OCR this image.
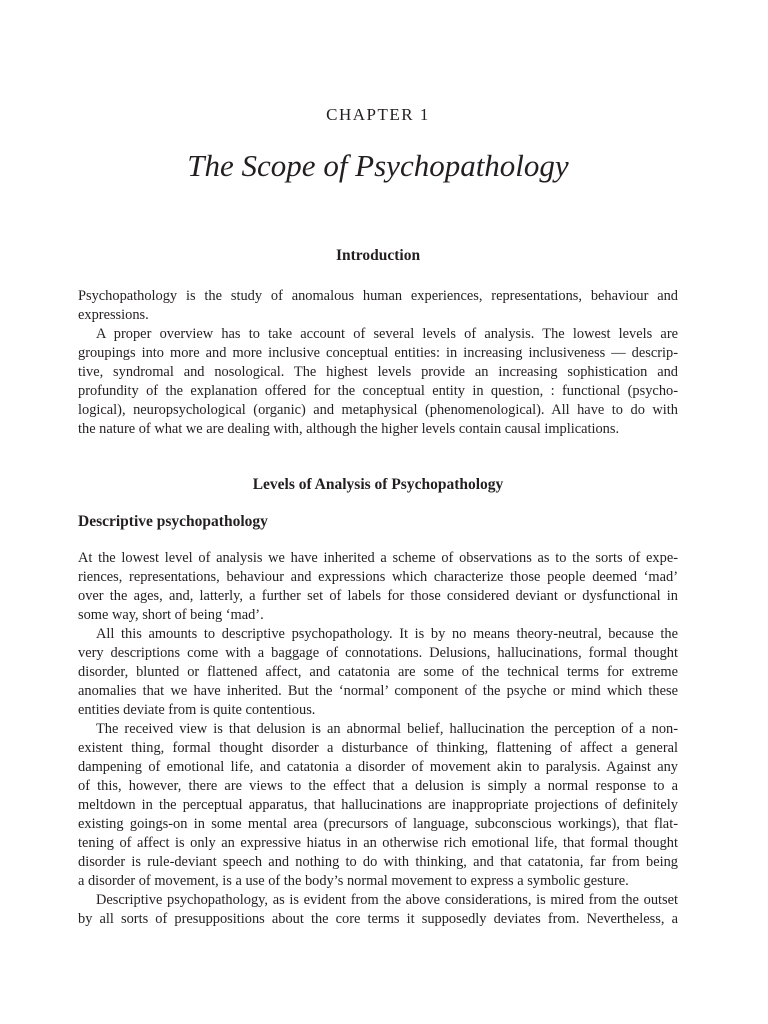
CHAPTER 1
The Scope of Psychopathology
Introduction
Psychopathology is the study of anomalous human experiences, representations, behaviour and
expressions.
A proper overview has to take account of several levels of analysis. The lowest levels are
groupings into more and more inclusive conceptual entities: in increasing inclusiveness — descrip-
tive, syndromal and nosological. The highest levels provide an increasing sophistication and
profundity of the explanation offered for the conceptual entity in question, : functional (psycho-
logical), neuropsychological (organic) and metaphysical (phenomenological). All have to do with
the nature of what we are dealing with, although the higher levels contain causal implications.
Levels of Analysis of Psychopathology
Descriptive psychopathology
At the lowest level of analysis we have inherited a scheme of observations as to the sorts of expe-
riences, representations, behaviour and expressions which characterize those people deemed ‘mad’
over the ages, and, latterly, a further set of labels for those considered deviant or dysfunctional in
some way, short of being ‘mad’.
All this amounts to descriptive psychopathology. It is by no means theory-neutral, because the
very descriptions come with a baggage of connotations. Delusions, hallucinations, formal thought
disorder, blunted or flattened affect, and catatonia are some of the technical terms for extreme
anomalies that we have inherited. But the ‘normal’ component of the psyche or mind which these
entities deviate from is quite contentious.
The received view is that delusion is an abnormal belief, hallucination the perception of a non-
existent thing, formal thought disorder a disturbance of thinking, flattening of affect a general
dampening of emotional life, and catatonia a disorder of movement akin to paralysis. Against any
of this, however, there are views to the effect that a delusion is simply a normal response to a
meltdown in the perceptual apparatus, that hallucinations are inappropriate projections of definitely
existing goings-on in some mental area (precursors of language, subconscious workings), that flat-
tening of affect is only an expressive hiatus in an otherwise rich emotional life, that formal thought
disorder is rule-deviant speech and nothing to do with thinking, and that catatonia, far from being
a disorder of movement, is a use of the body’s normal movement to express a symbolic gesture.
Descriptive psychopathology, as is evident from the above considerations, is mired from the outset
by all sorts of presuppositions about the core terms it supposedly deviates from. Nevertheless, a
